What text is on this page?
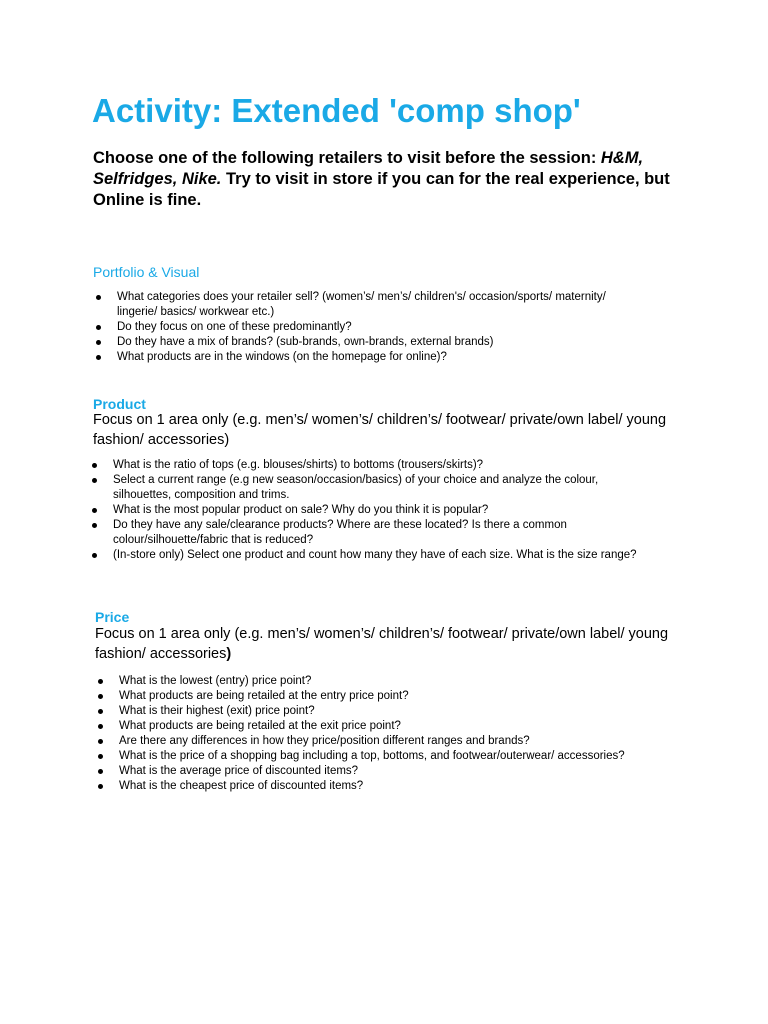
Activity: Extended 'comp shop'

Choose one of the following retailers to visit before the session: H&M, Selfridges, Nike. Try to visit in store if you can for the real experience, but Online is fine.

Portfolio & Visual
What categories does your retailer sell? (women’s/ men’s/ children's/ occasion/sports/ maternity/ lingerie/ basics/ workwear etc.)
Do they focus on one of these predominantly?
Do they have a mix of brands? (sub-brands, own-brands, external brands)
What products are in the windows (on the homepage for online)?
Product

Focus on 1 area only (e.g. men’s/ women’s/ children’s/ footwear/ private/own label/ young fashion/ accessories)

What is the ratio of tops (e.g. blouses/shirts) to bottoms (trousers/skirts)?
Select a current range (e.g new season/occasion/basics) of your choice and analyze the colour, silhouettes, composition and trims.
What is the most popular product on sale? Why do you think it is popular?
Do they have any sale/clearance products? Where are these located? Is there a common colour/silhouette/fabric that is reduced?
(In-store only) Select one product and count how many they have of each size. What is the size range?
Price

Focus on 1 area only (e.g. men’s/ women’s/ children’s/ footwear/ private/own label/ young fashion/ accessories)

What is the lowest (entry) price point?
What products are being retailed at the entry price point?
What is their highest (exit) price point?
What products are being retailed at the exit price point?
Are there any differences in how they price/position different ranges and brands?
What is the price of a shopping bag including a top, bottoms, and footwear/outerwear/ accessories?
What is the average price of discounted items?
What is the cheapest price of discounted items?
